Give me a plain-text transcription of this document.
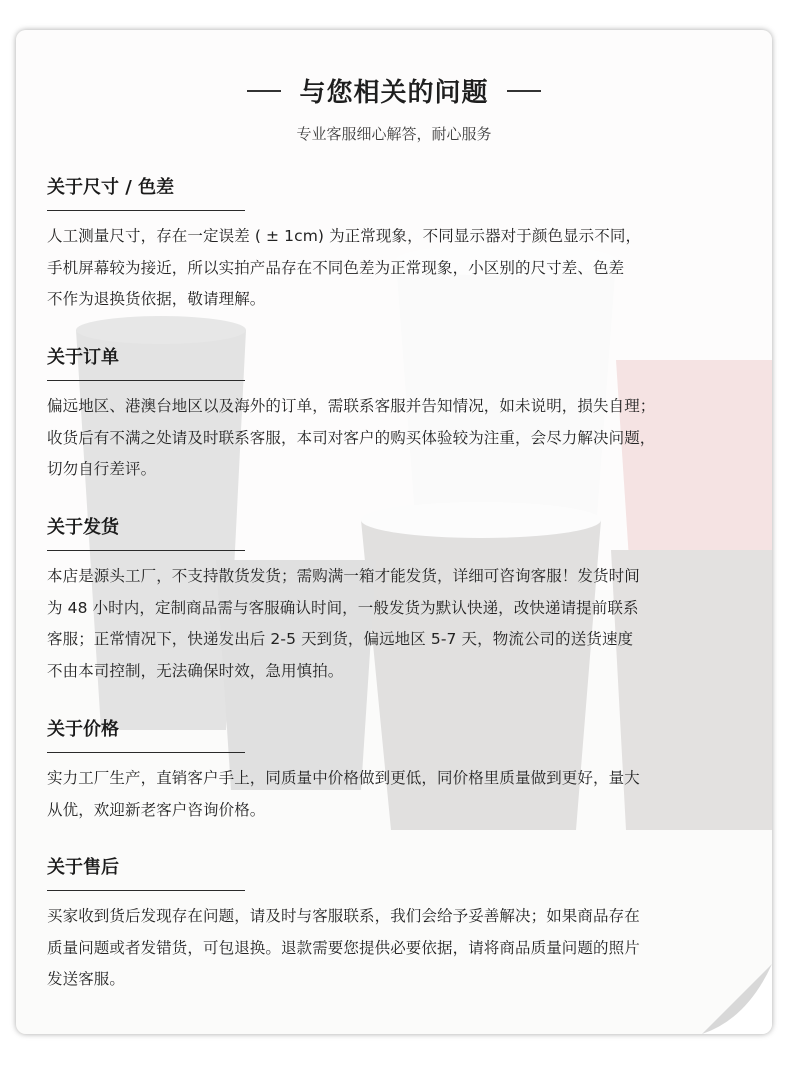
与您相关的问题
专业客服细心解答，耐心服务
关于尺寸 / 色差
人工测量尺寸，存在一定误差 ( ± 1cm) 为正常现象，不同显示器对于颜色显示不同，
手机屏幕较为接近，所以实拍产品存在不同色差为正常现象，小区别的尺寸差、色差
不作为退换货依据，敬请理解。
关于订单
偏远地区、港澳台地区以及海外的订单，需联系客服并告知情况，如未说明，损失自理；
收货后有不满之处请及时联系客服，本司对客户的购买体验较为注重，会尽力解决问题，
切勿自行差评。
关于发货
本店是源头工厂，不支持散货发货；需购满一箱才能发货，详细可咨询客服！发货时间
为 48 小时内，定制商品需与客服确认时间，一般发货为默认快递，改快递请提前联系
客服；正常情况下，快递发出后 2-5 天到货，偏远地区 5-7 天，物流公司的送货速度
不由本司控制，无法确保时效，急用慎拍。
关于价格
实力工厂生产，直销客户手上，同质量中价格做到更低，同价格里质量做到更好，量大
从优，欢迎新老客户咨询价格。
关于售后
买家收到货后发现存在问题，请及时与客服联系，我们会给予妥善解决；如果商品存在
质量问题或者发错货，可包退换。退款需要您提供必要依据，请将商品质量问题的照片
发送客服。
